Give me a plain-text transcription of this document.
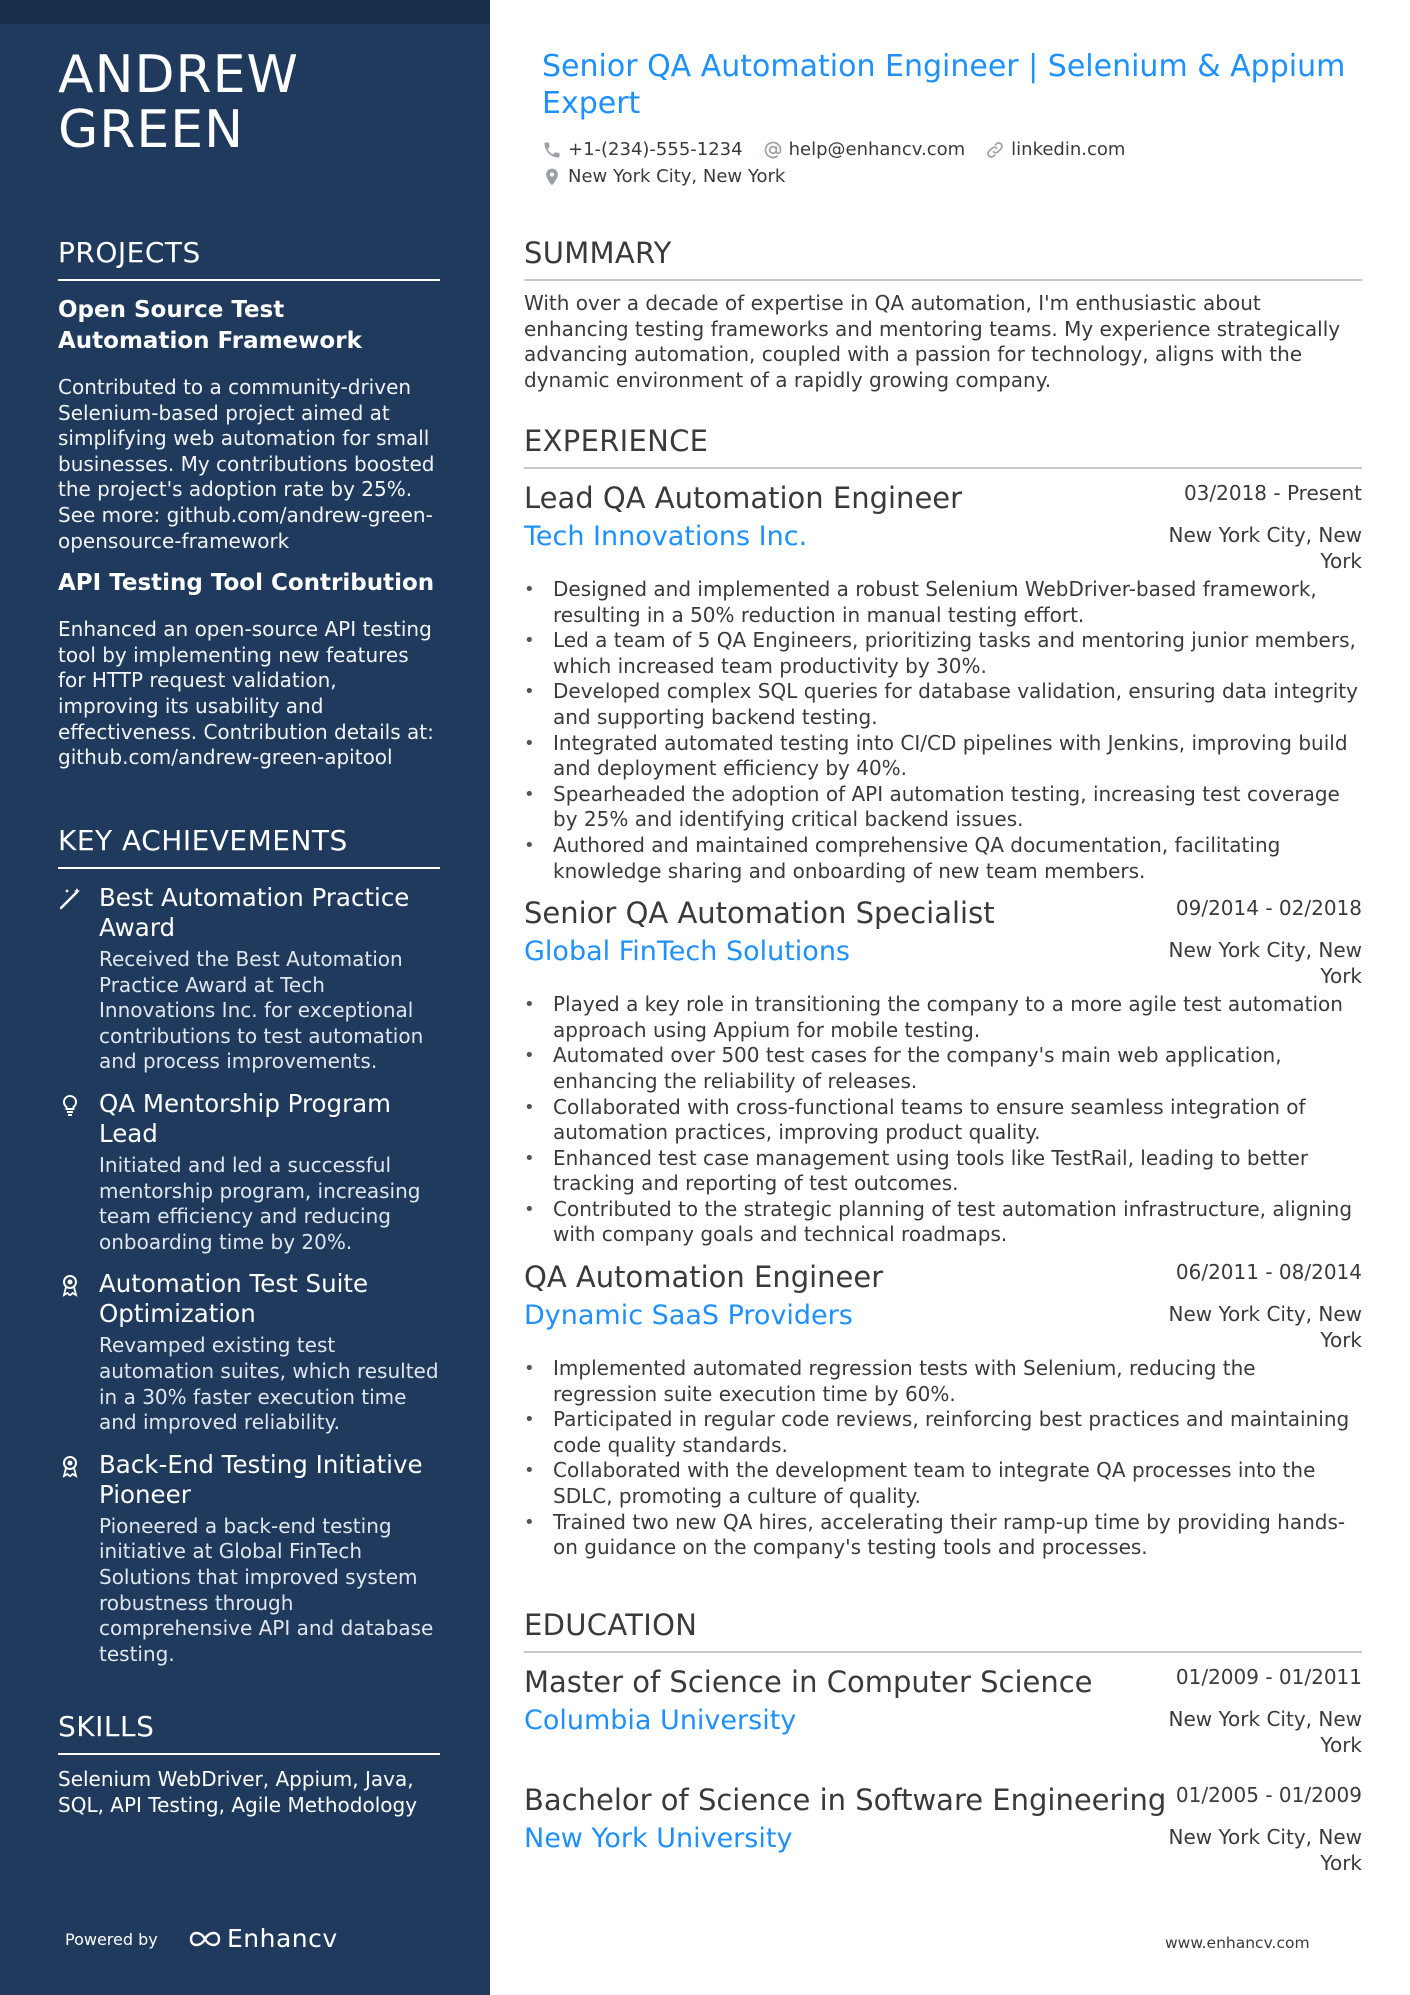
ANDREW
GREEN
PROJECTS
Open Source Test Automation Framework
Contributed to a community-driven Selenium-based project aimed at simplifying web automation for small businesses. My contributions boosted the project's adoption rate by 25%. See more: github.com/andrew-green-opensource-framework
API Testing Tool Contribution
Enhanced an open-source API testing tool by implementing new features for HTTP request validation, improving its usability and effectiveness. Contribution details at: github.com/andrew-green-apitool
KEY ACHIEVEMENTS
Best Automation Practice Award
Received the Best Automation Practice Award at Tech Innovations Inc. for exceptional contributions to test automation and process improvements.
QA Mentorship Program Lead
Initiated and led a successful mentorship program, increasing team efficiency and reducing onboarding time by 20%.
Automation Test Suite Optimization
Revamped existing test automation suites, which resulted in a 30% faster execution time and improved reliability.
Back-End Testing Initiative Pioneer
Pioneered a back-end testing initiative at Global FinTech Solutions that improved system robustness through comprehensive API and database testing.
SKILLS
Selenium WebDriver, Appium, Java, SQL, API Testing, Agile Methodology
Powered by	Enhancv
Senior QA Automation Engineer | Selenium & Appium Expert
+1-(234)-555-1234	help@enhancv.com	linkedin.com
New York City, New York
SUMMARY
With over a decade of expertise in QA automation, I'm enthusiastic about enhancing testing frameworks and mentoring teams. My experience strategically advancing automation, coupled with a passion for technology, aligns with the dynamic environment of a rapidly growing company.
EXPERIENCE
Lead QA Automation Engineer	03/2018 - Present
Tech Innovations Inc.	New York City, New York
• Designed and implemented a robust Selenium WebDriver-based framework, resulting in a 50% reduction in manual testing effort.
• Led a team of 5 QA Engineers, prioritizing tasks and mentoring junior members, which increased team productivity by 30%.
• Developed complex SQL queries for database validation, ensuring data integrity and supporting backend testing.
• Integrated automated testing into CI/CD pipelines with Jenkins, improving build and deployment efficiency by 40%.
• Spearheaded the adoption of API automation testing, increasing test coverage by 25% and identifying critical backend issues.
• Authored and maintained comprehensive QA documentation, facilitating knowledge sharing and onboarding of new team members.
Senior QA Automation Specialist	09/2014 - 02/2018
Global FinTech Solutions	New York City, New York
• Played a key role in transitioning the company to a more agile test automation approach using Appium for mobile testing.
• Automated over 500 test cases for the company's main web application, enhancing the reliability of releases.
• Collaborated with cross-functional teams to ensure seamless integration of automation practices, improving product quality.
• Enhanced test case management using tools like TestRail, leading to better tracking and reporting of test outcomes.
• Contributed to the strategic planning of test automation infrastructure, aligning with company goals and technical roadmaps.
QA Automation Engineer	06/2011 - 08/2014
Dynamic SaaS Providers	New York City, New York
• Implemented automated regression tests with Selenium, reducing the regression suite execution time by 60%.
• Participated in regular code reviews, reinforcing best practices and maintaining code quality standards.
• Collaborated with the development team to integrate QA processes into the SDLC, promoting a culture of quality.
• Trained two new QA hires, accelerating their ramp-up time by providing hands-on guidance on the company's testing tools and processes.
EDUCATION
Master of Science in Computer Science	01/2009 - 01/2011
Columbia University	New York City, New York
Bachelor of Science in Software Engineering 01/2005 - 01/2009
New York University	New York City, New York
www.enhancv.com
